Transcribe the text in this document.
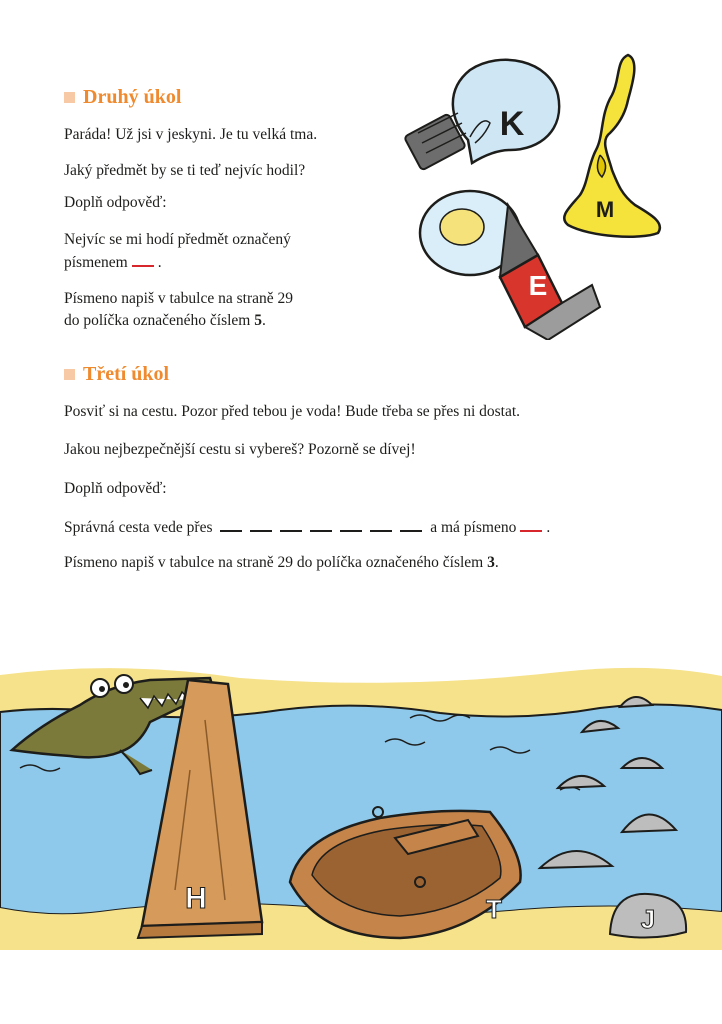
Druhý úkol
Paráda! Už jsi v jeskyni. Je tu velká tma.
Jaký předmět by se ti teď nejvíc hodil?
Doplň odpověď:
Nejvíc se mi hodí předmět označený
písmenem .
Písmeno napiš v tabulce na straně 29
do políčka označeného číslem 5.
Třetí úkol
Posviť si na cestu. Pozor před tebou je voda! Bude třeba se přes ni dostat.
Jakou nejbezpečnější cestu si vybereš? Pozorně se dívej!
Doplň odpověď:
Správná cesta vede přes	a má písmeno .
Písmeno napiš v tabulce na straně 29 do políčka označeného číslem 3.
K
M
E
J
H	T
